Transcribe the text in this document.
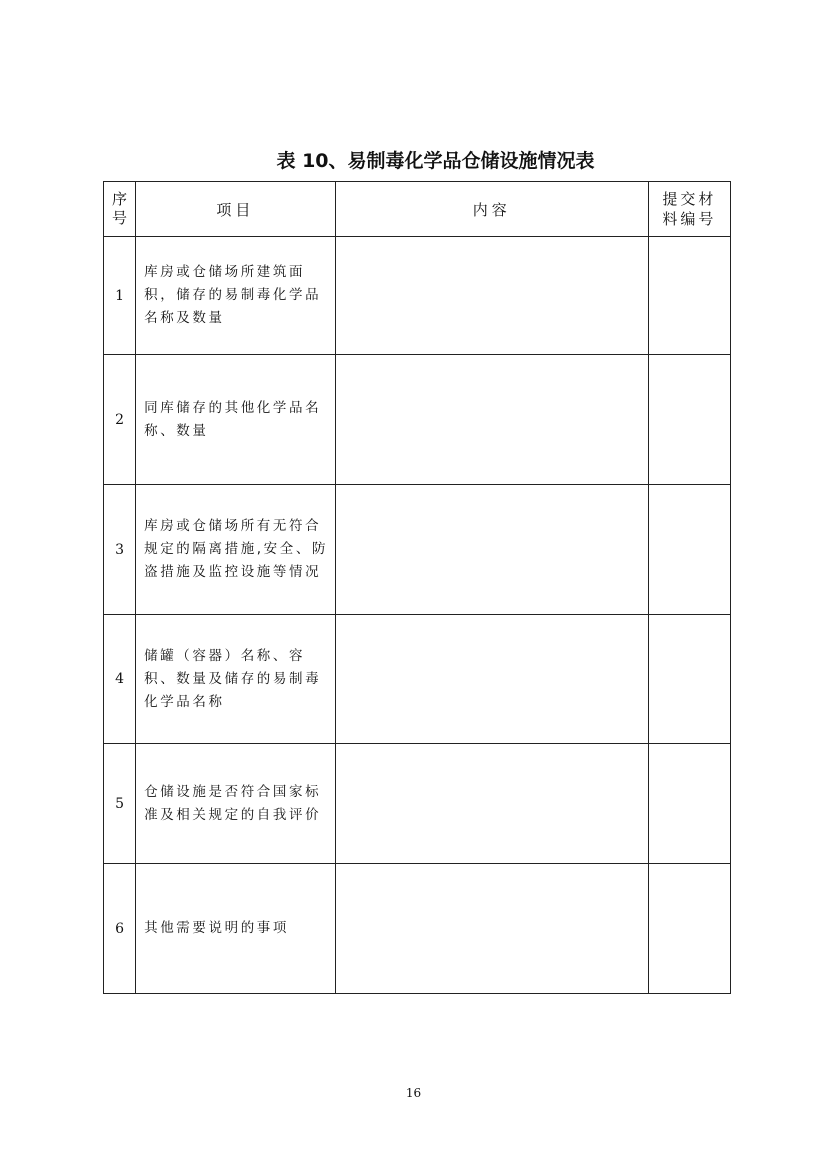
表 10、易制毒化学品仓储设施情况表
序号	项目	内容	提交材料编号

1	库房或仓储场所建筑面积，储存的易制毒化学品名称及数量		
2	同库储存的其他化学品名称、数量		
3	库房或仓储场所有无符合规定的隔离措施,安全、防盗措施及监控设施等情况		
4	储罐（容器）名称、容积、数量及储存的易制毒化学品名称		
5	仓储设施是否符合国家标准及相关规定的自我评价		
6	其他需要说明的事项		
16
